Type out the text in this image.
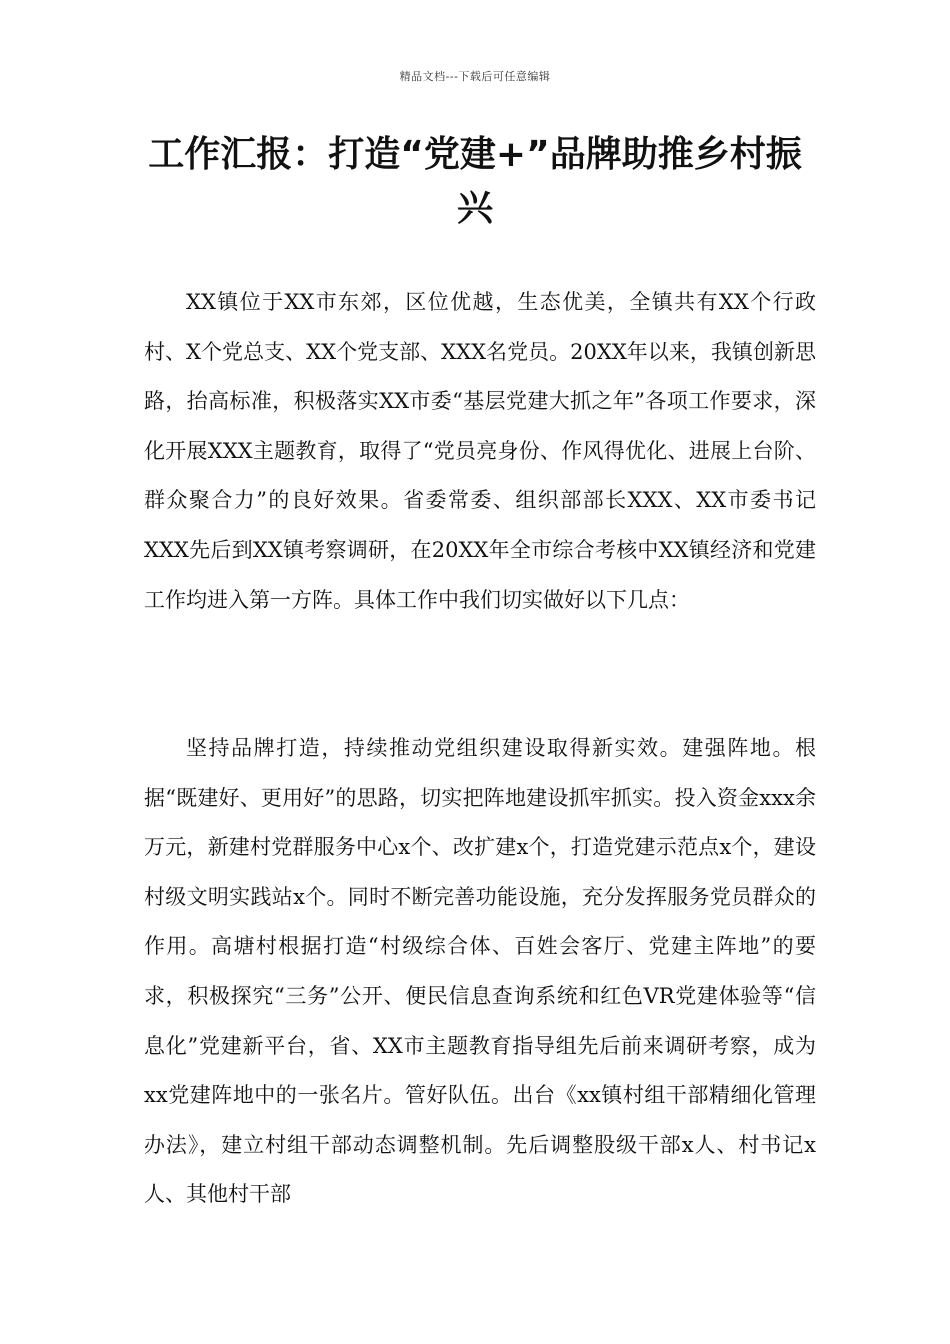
精品文档---下载后可任意编辑
工作汇报：打造“党建+”品牌助推乡村振兴

XX镇位于XX市东郊，区位优越，生态优美，全镇共有XX个行政村、X个党总支、XX个党支部、XXX名党员。20XX年以来，我镇创新思路，抬高标准，积极落实XX市委“基层党建大抓之年”各项工作要求，深化开展XXX主题教育，取得了“党员亮身份、作风得优化、进展上台阶、群众聚合力”的良好效果。省委常委、组织部部长XXX、XX市委书记XXX先后到XX镇考察调研，在20XX年全市综合考核中XX镇经济和党建工作均进入第一方阵。具体工作中我们切实做好以下几点：

坚持品牌打造，持续推动党组织建设取得新实效。建强阵地。根据“既建好、更用好”的思路，切实把阵地建设抓牢抓实。投入资金xxx余万元，新建村党群服务中心x个、改扩建x个，打造党建示范点x个，建设村级文明实践站x个。同时不断完善功能设施，充分发挥服务党员群众的作用。高塘村根据打造“村级综合体、百姓会客厅、党建主阵地”的要求，积极探究“三务”公开、便民信息查询系统和红色VR党建体验等“信息化”党建新平台，省、XX市主题教育指导组先后前来调研考察，成为xx党建阵地中的一张名片。管好队伍。出台《xx镇村组干部精细化管理办法》，建立村组干部动态调整机制。先后调整股级干部x人、村书记x人、其他村干部
